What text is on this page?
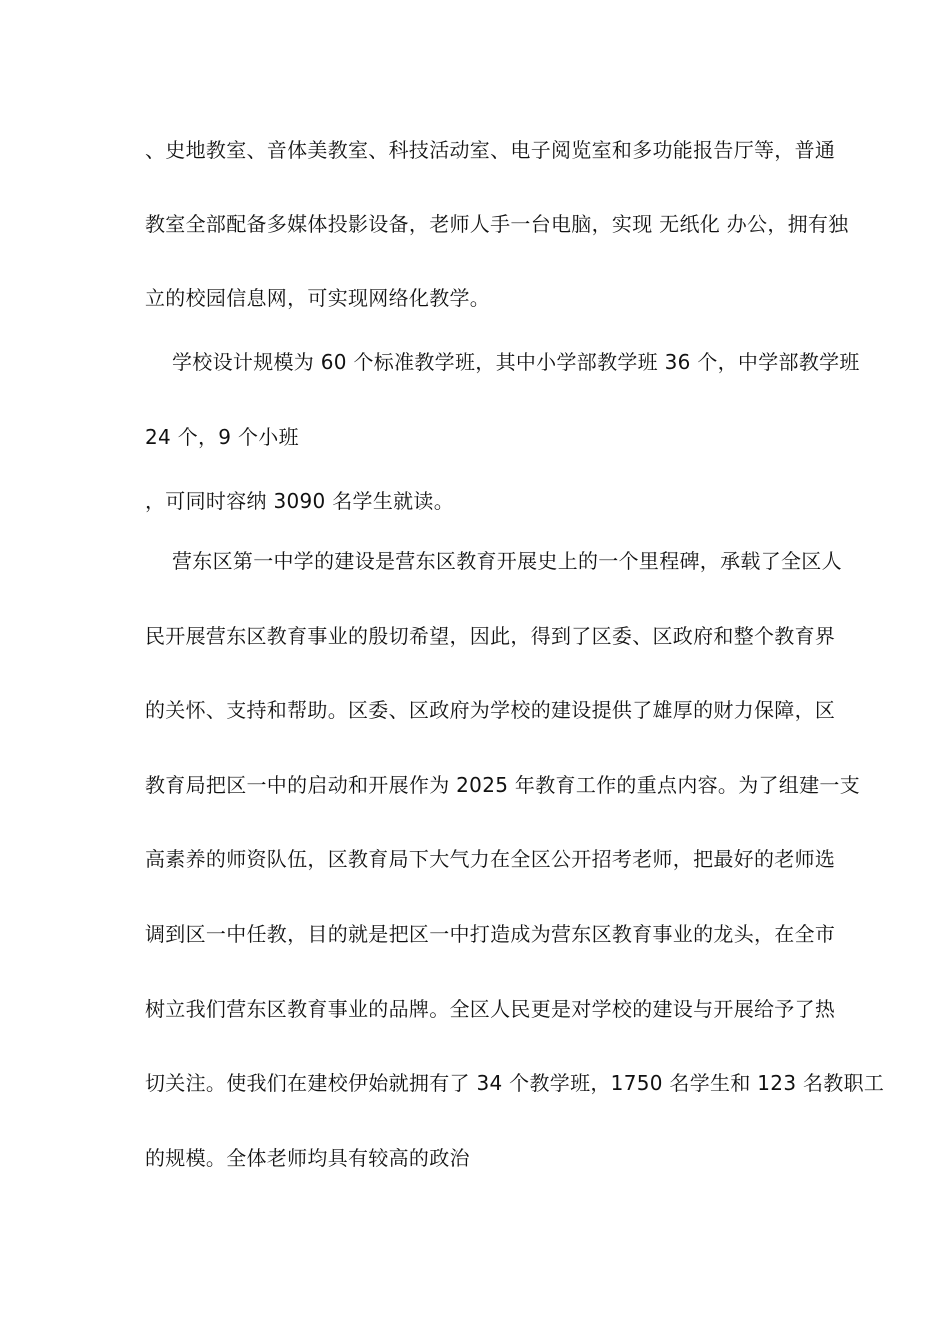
、史地教室、音体美教室、科技活动室、电子阅览室和多功能报告厅等，普通
教室全部配备多媒体投影设备，老师人手一台电脑，实现 无纸化 办公，拥有独
立的校园信息网，可实现网络化教学。
学校设计规模为 60 个标准教学班，其中小学部教学班 36 个，中学部教学班
24 个，9 个小班
，可同时容纳 3090 名学生就读。
营东区第一中学的建设是营东区教育开展史上的一个里程碑，承载了全区人
民开展营东区教育事业的殷切希望，因此，得到了区委、区政府和整个教育界
的关怀、支持和帮助。区委、区政府为学校的建设提供了雄厚的财力保障，区
教育局把区一中的启动和开展作为 2025 年教育工作的重点内容。为了组建一支
高素养的师资队伍，区教育局下大气力在全区公开招考老师，把最好的老师选
调到区一中任教，目的就是把区一中打造成为营东区教育事业的龙头，在全市
树立我们营东区教育事业的品牌。全区人民更是对学校的建设与开展给予了热
切关注。使我们在建校伊始就拥有了 34 个教学班，1750 名学生和 123 名教职工
的规模。全体老师均具有较高的政治
